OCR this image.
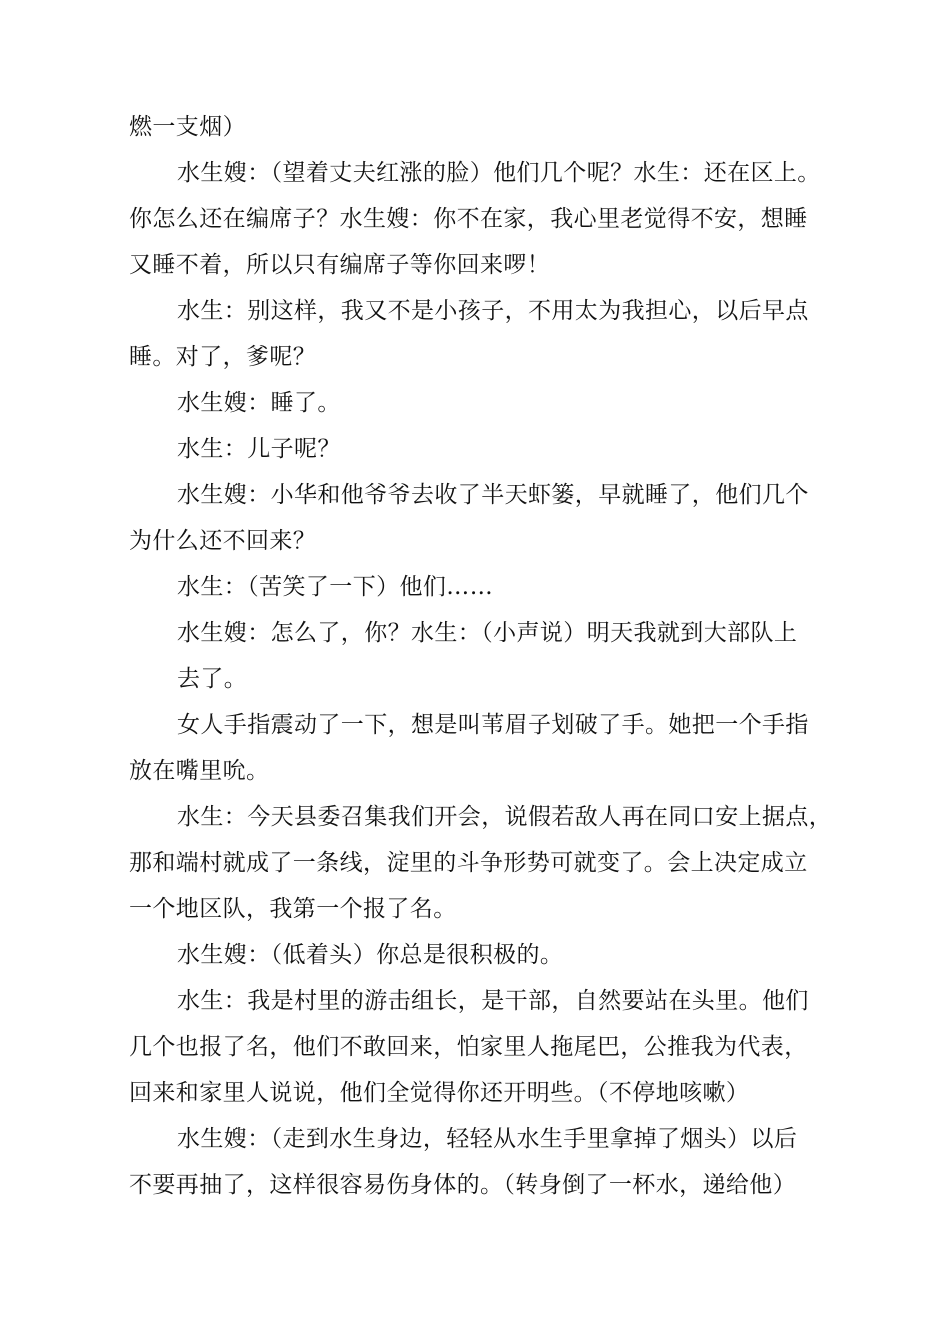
燃一支烟）
水生嫂：（望着丈夫红涨的脸）他们几个呢？水生：还在区上。
你怎么还在编席子？水生嫂：你不在家，我心里老觉得不安，想睡
又睡不着，所以只有编席子等你回来啰！
水生：别这样，我又不是小孩子，不用太为我担心，以后早点
睡。对了，爹呢？
水生嫂：睡了。
水生：儿子呢？
水生嫂：小华和他爷爷去收了半天虾篓，早就睡了，他们几个
为什么还不回来？
水生：（苦笑了一下）他们……
水生嫂：怎么了，你？水生：（小声说）明天我就到大部队上
去了。
女人手指震动了一下，想是叫苇眉子划破了手。她把一个手指
放在嘴里吮。
水生：今天县委召集我们开会，说假若敌人再在同口安上据点，
那和端村就成了一条线，淀里的斗争形势可就变了。会上决定成立
一个地区队，我第一个报了名。
水生嫂：（低着头）你总是很积极的。
水生：我是村里的游击组长，是干部，自然要站在头里。他们
几个也报了名，他们不敢回来，怕家里人拖尾巴，公推我为代表，
回来和家里人说说，他们全觉得你还开明些。（不停地咳嗽）
水生嫂：（走到水生身边，轻轻从水生手里拿掉了烟头）以后
不要再抽了，这样很容易伤身体的。（转身倒了一杯水，递给他）
